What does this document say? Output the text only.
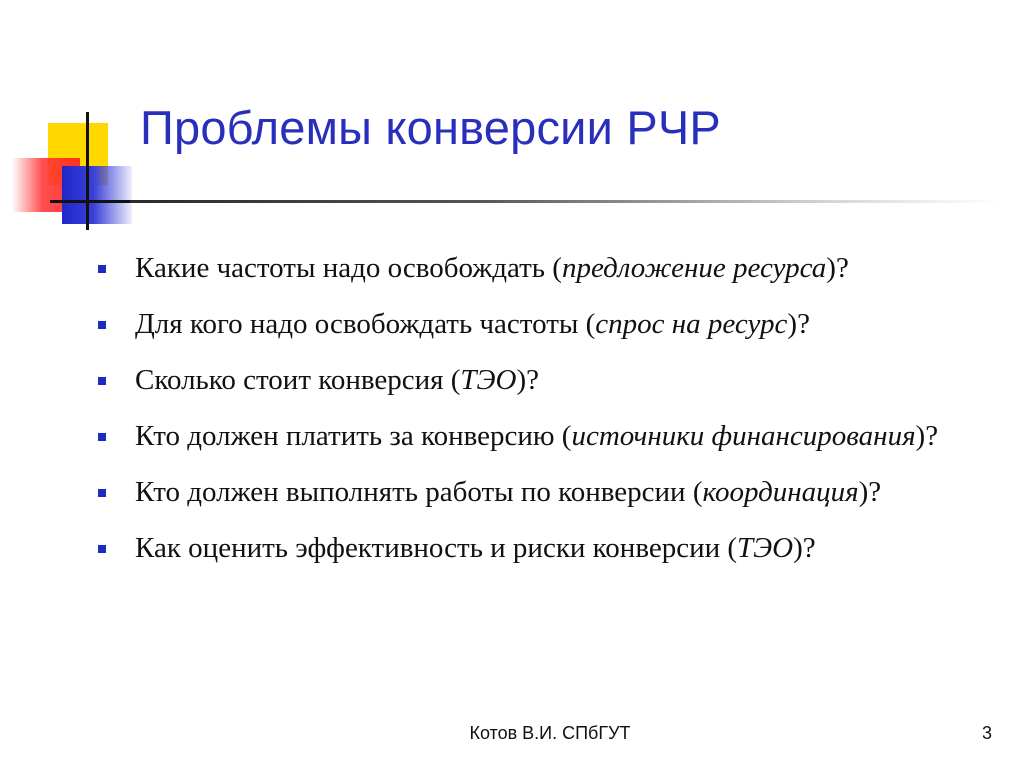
Проблемы конверсии РЧР
Какие частоты надо освобождать (предложение ресурса)?
Для кого надо освобождать частоты (спрос на ресурс)?
Сколько стоит конверсия (ТЭО)?
Кто должен платить за конверсию (источники финансирования)?
Кто должен выполнять работы по конверсии (координация)?
Как оценить эффективность и риски конверсии (ТЭО)?
Котов В.И. СПбГУТ	3
